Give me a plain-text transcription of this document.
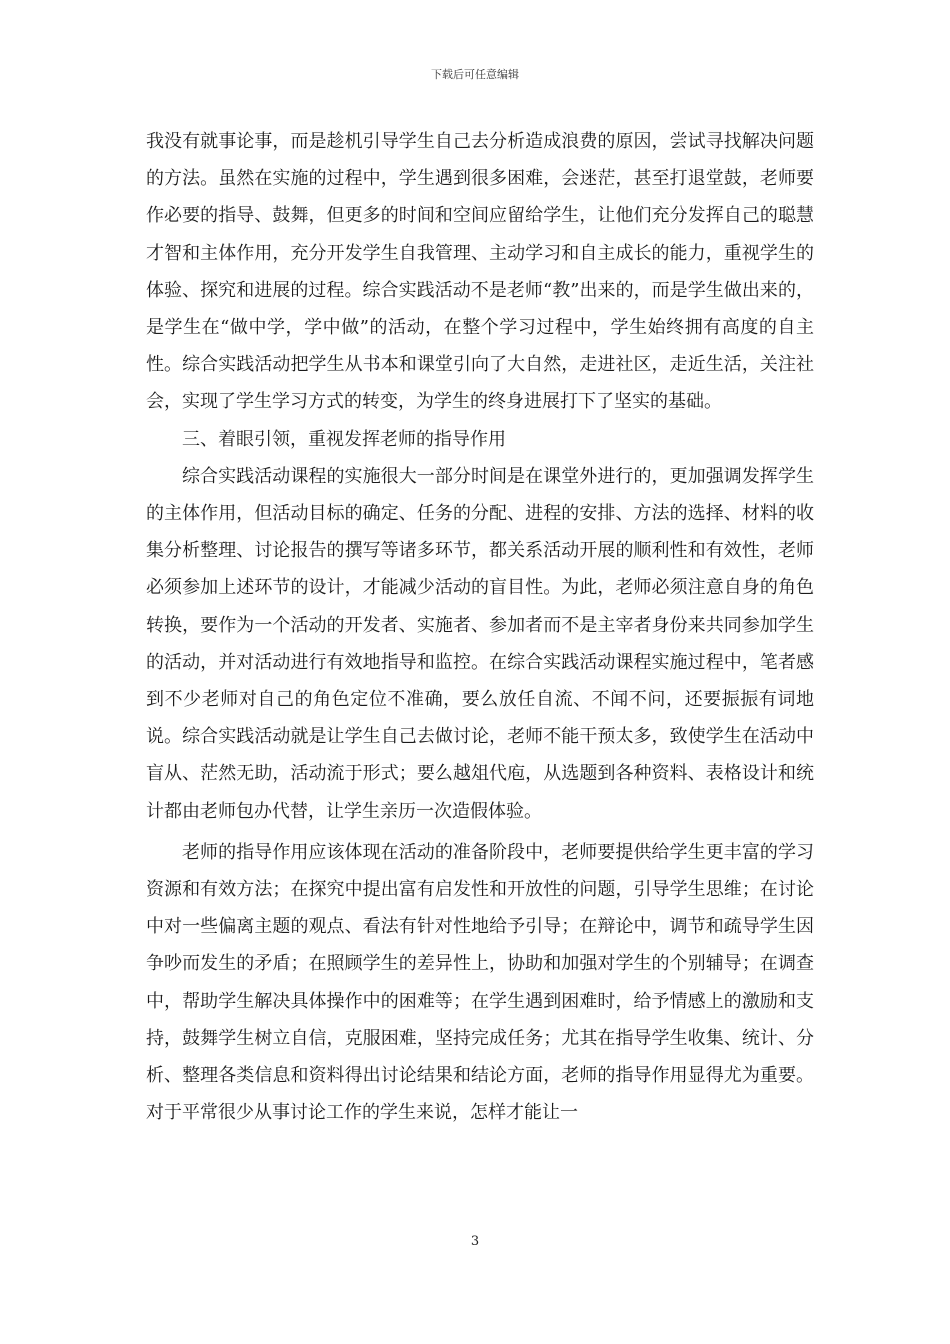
下载后可任意编辑

我没有就事论事，而是趁机引导学生自己去分析造成浪费的原因，尝试寻找解决问题的方法。虽然在实施的过程中，学生遇到很多困难，会迷茫，甚至打退堂鼓，老师要作必要的指导、鼓舞，但更多的时间和空间应留给学生，让他们充分发挥自己的聪慧才智和主体作用，充分开发学生自我管理、主动学习和自主成长的能力，重视学生的体验、探究和进展的过程。综合实践活动不是老师“教”出来的，而是学生做出来的，是学生在“做中学，学中做”的活动，在整个学习过程中，学生始终拥有高度的自主性。综合实践活动把学生从书本和课堂引向了大自然，走进社区，走近生活，关注社会，实现了学生学习方式的转变，为学生的终身进展打下了坚实的基础。

三、着眼引领，重视发挥老师的指导作用

综合实践活动课程的实施很大一部分时间是在课堂外进行的，更加强调发挥学生的主体作用，但活动目标的确定、任务的分配、进程的安排、方法的选择、材料的收集分析整理、讨论报告的撰写等诸多环节，都关系活动开展的顺利性和有效性，老师必须参加上述环节的设计，才能减少活动的盲目性。为此，老师必须注意自身的角色转换，要作为一个活动的开发者、实施者、参加者而不是主宰者身份来共同参加学生的活动，并对活动进行有效地指导和监控。在综合实践活动课程实施过程中，笔者感到不少老师对自己的角色定位不准确，要么放任自流、不闻不问，还要振振有词地说。综合实践活动就是让学生自己去做讨论，老师不能干预太多，致使学生在活动中盲从、茫然无助，活动流于形式；要么越俎代庖，从选题到各种资料、表格设计和统计都由老师包办代替，让学生亲历一次造假体验。

老师的指导作用应该体现在活动的准备阶段中，老师要提供给学生更丰富的学习资源和有效方法；在探究中提出富有启发性和开放性的问题，引导学生思维；在讨论中对一些偏离主题的观点、看法有针对性地给予引导；在辩论中，调节和疏导学生因争吵而发生的矛盾；在照顾学生的差异性上，协助和加强对学生的个别辅导；在调查中，帮助学生解决具体操作中的困难等；在学生遇到困难时，给予情感上的激励和支持，鼓舞学生树立自信，克服困难，坚持完成任务；尤其在指导学生收集、统计、分析、整理各类信息和资料得出讨论结果和结论方面，老师的指导作用显得尤为重要。对于平常很少从事讨论工作的学生来说，怎样才能让一

3
